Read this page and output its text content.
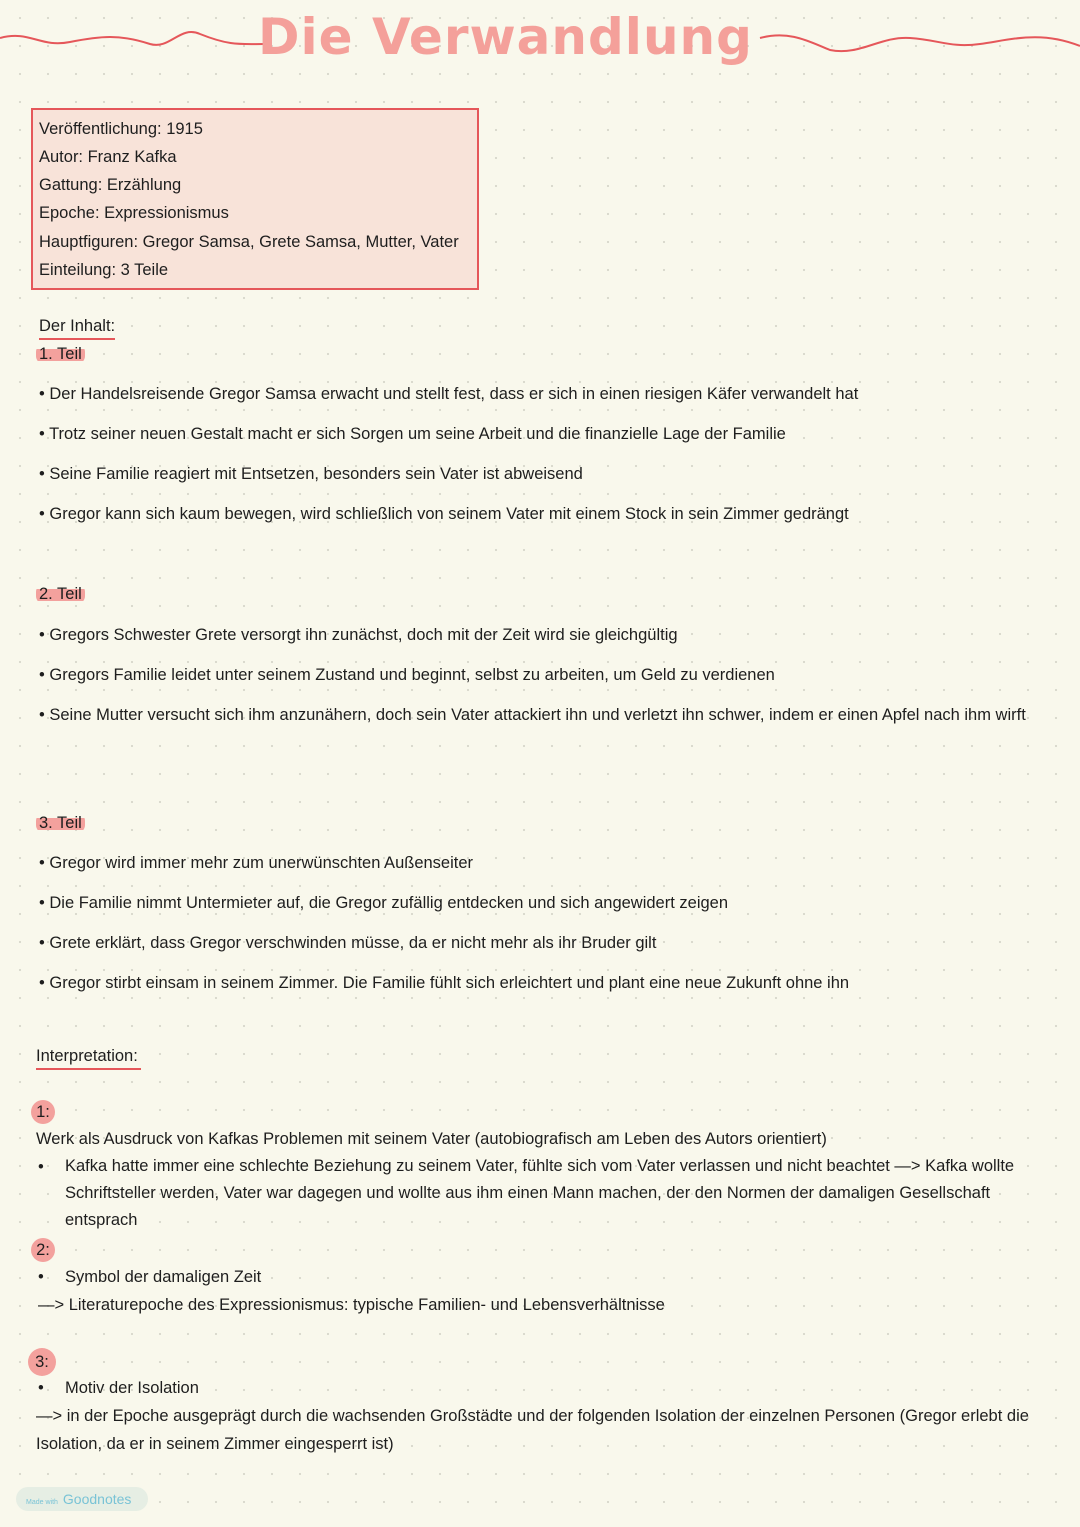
Die Verwandlung
Veröffentlichung: 1915
Autor: Franz Kafka
Gattung: Erzählung
Epoche: Expressionismus
Hauptfiguren: Gregor Samsa, Grete Samsa, Mutter, Vater
Einteilung: 3 Teile
Der Inhalt:
1. Teil
• Der Handelsreisende Gregor Samsa erwacht und stellt fest, dass er sich in einen riesigen Käfer verwandelt hat
• Trotz seiner neuen Gestalt macht er sich Sorgen um seine Arbeit und die finanzielle Lage der Familie
• Seine Familie reagiert mit Entsetzen, besonders sein Vater ist abweisend
• Gregor kann sich kaum bewegen, wird schließlich von seinem Vater mit einem Stock in sein Zimmer gedrängt
2. Teil
• Gregors Schwester Grete versorgt ihn zunächst, doch mit der Zeit wird sie gleichgültig
• Gregors Familie leidet unter seinem Zustand und beginnt, selbst zu arbeiten, um Geld zu verdienen
• Seine Mutter versucht sich ihm anzunähern, doch sein Vater attackiert ihn und verletzt ihn schwer, indem er einen Apfel nach ihm wirft
3. Teil
• Gregor wird immer mehr zum unerwünschten Außenseiter
• Die Familie nimmt Untermieter auf, die Gregor zufällig entdecken und sich angewidert zeigen
• Grete erklärt, dass Gregor verschwinden müsse, da er nicht mehr als ihr Bruder gilt
• Gregor stirbt einsam in seinem Zimmer. Die Familie fühlt sich erleichtert und plant eine neue Zukunft ohne ihn
Interpretation:
1:
Werk als Ausdruck von Kafkas Problemen mit seinem Vater (autobiografisch am Leben des Autors orientiert)
• Kafka hatte immer eine schlechte Beziehung zu seinem Vater, fühlte sich vom Vater verlassen und nicht beachtet —> Kafka wollte Schriftsteller werden, Vater war dagegen und wollte aus ihm einen Mann machen, der den Normen der damaligen Gesellschaft entsprach
2:
• Symbol der damaligen Zeit
—> Literaturepoche des Expressionismus: typische Familien- und Lebensverhältnisse
3:
• Motiv der Isolation
—> in der Epoche ausgeprägt durch die wachsenden Großstädte und der folgenden Isolation der einzelnen Personen (Gregor erlebt die Isolation, da er in seinem Zimmer eingesperrt ist)
Made with Goodnotes
